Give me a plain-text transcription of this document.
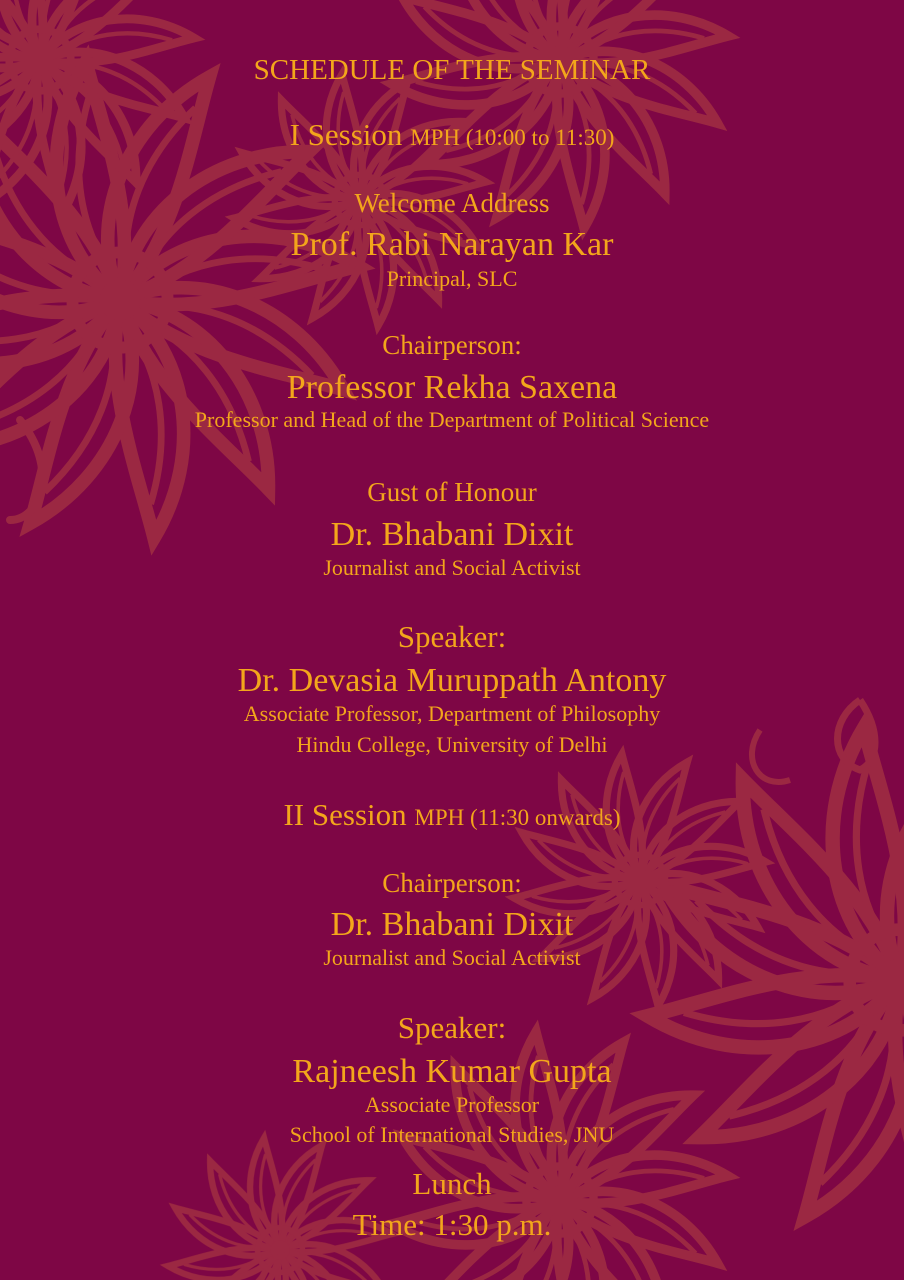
SCHEDULE OF THE SEMINAR
I Session MPH (10:00 to 11:30)
Welcome Address
Prof. Rabi Narayan Kar
Principal, SLC
Chairperson:
Professor Rekha Saxena
Professor and Head of the Department of Political Science
Gust of Honour
Dr. Bhabani Dixit
Journalist and Social Activist
Speaker:
Dr. Devasia Muruppath Antony
Associate Professor, Department of Philosophy
Hindu College, University of Delhi
II Session MPH (11:30 onwards)
Chairperson:
Dr. Bhabani Dixit
Journalist and Social Activist
Speaker:
Rajneesh Kumar Gupta
Associate Professor
School of International Studies, JNU
Lunch
Time: 1:30 p.m.
